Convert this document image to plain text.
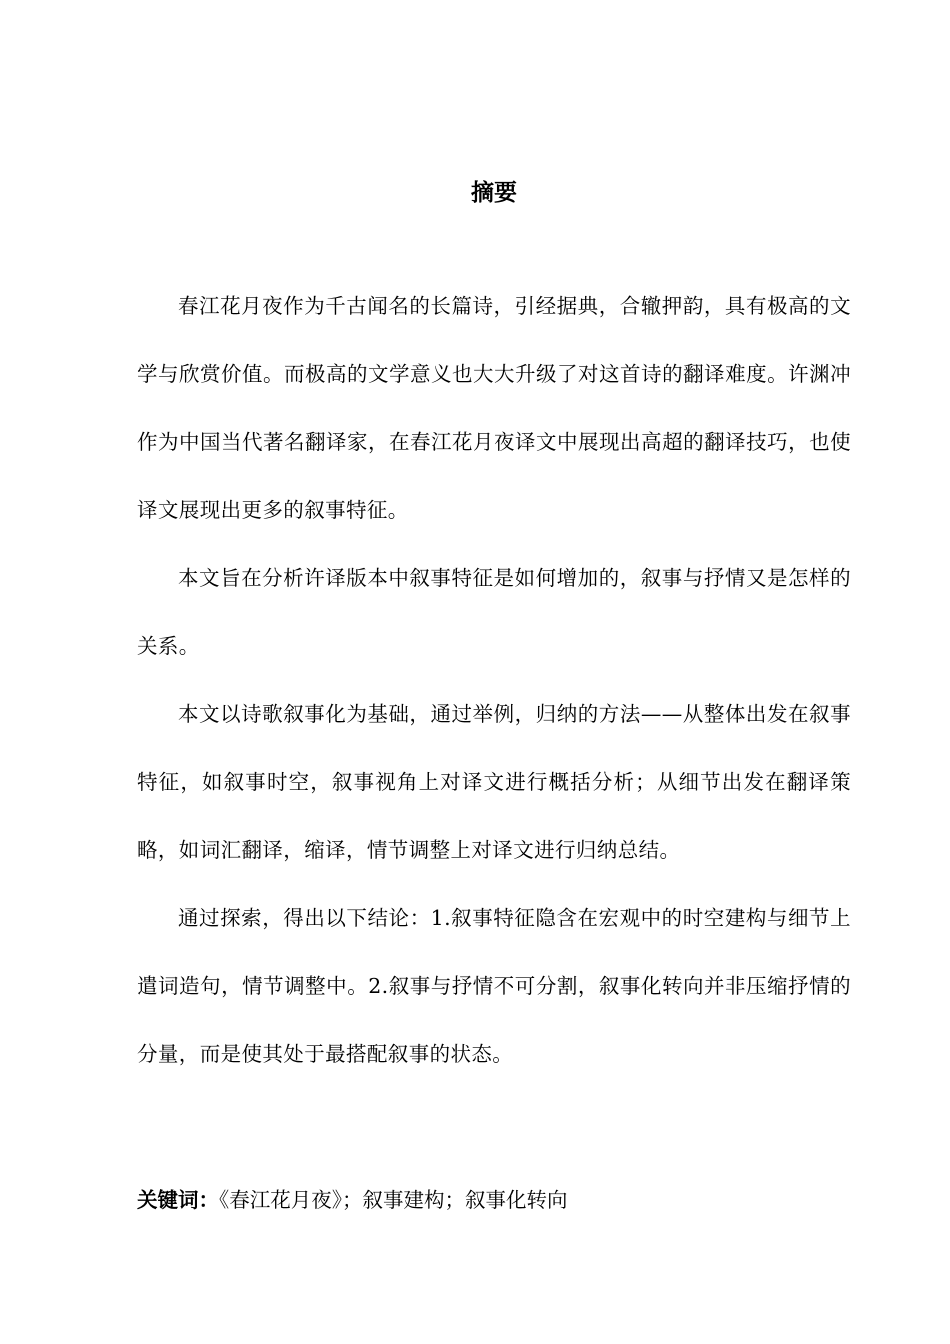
摘要

春江花月夜作为千古闻名的长篇诗，引经据典，合辙押韵，具有极高的文学与欣赏价值。而极高的文学意义也大大升级了对这首诗的翻译难度。许渊冲作为中国当代著名翻译家，在春江花月夜译文中展现出高超的翻译技巧，也使译文展现出更多的叙事特征。

本文旨在分析许译版本中叙事特征是如何增加的，叙事与抒情又是怎样的关系。

本文以诗歌叙事化为基础，通过举例，归纳的方法——从整体出发在叙事特征，如叙事时空，叙事视角上对译文进行概括分析；从细节出发在翻译策略，如词汇翻译，缩译，情节调整上对译文进行归纳总结。

通过探索，得出以下结论：1.叙事特征隐含在宏观中的时空建构与细节上遣词造句，情节调整中。2.叙事与抒情不可分割，叙事化转向并非压缩抒情的分量，而是使其处于最搭配叙事的状态。

关键词：《春江花月夜》；叙事建构；叙事化转向
